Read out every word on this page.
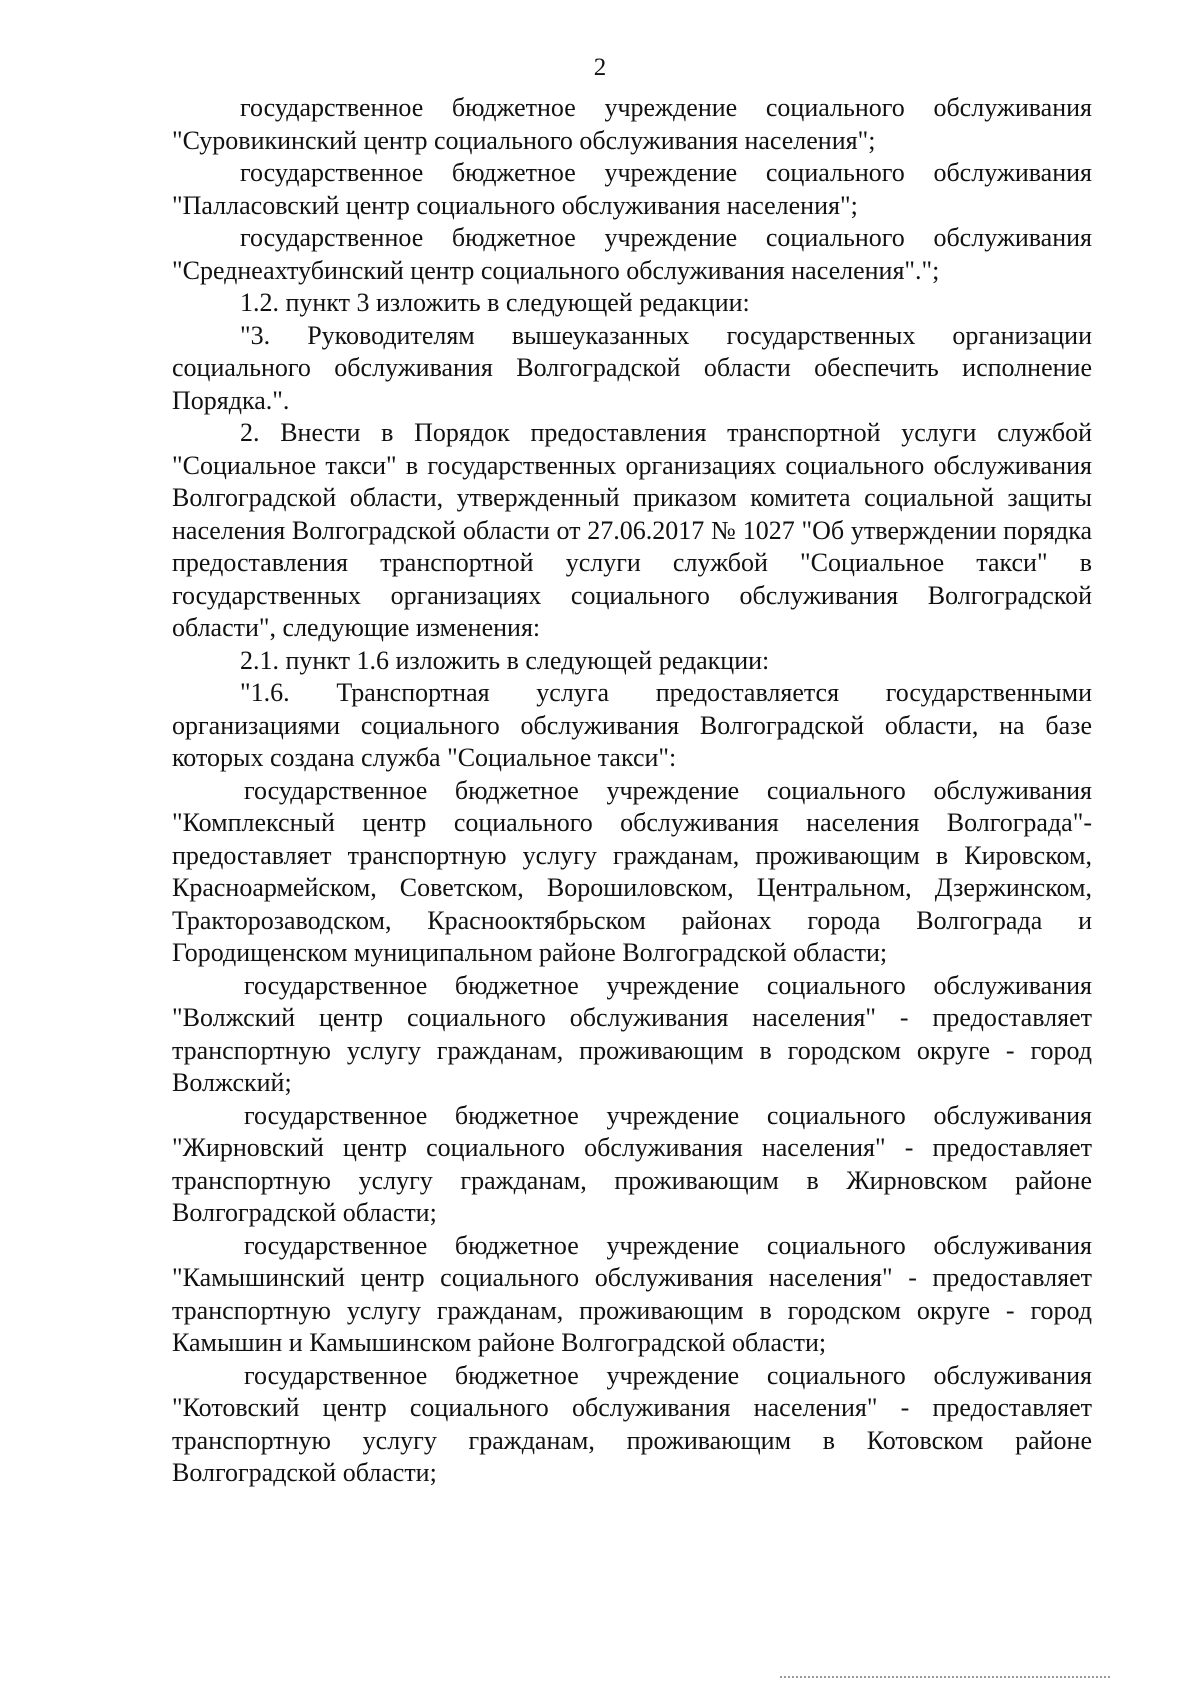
2

государственное бюджетное учреждение социального обслуживания "Суровикинский центр социального обслуживания населения";

государственное бюджетное учреждение социального обслуживания "Палласовский центр социального обслуживания населения";

государственное бюджетное учреждение социального обслуживания "Среднеахтубинский центр социального обслуживания населения".";

1.2. пункт 3 изложить в следующей редакции:

"3. Руководителям вышеуказанных государственных организации социального обслуживания Волгоградской области обеспечить исполнение Порядка.".

2. Внести в Порядок предоставления транспортной услуги службой "Социальное такси" в государственных организациях социального обслуживания Волгоградской области, утвержденный приказом комитета социальной защиты населения Волгоградской области от 27.06.2017 № 1027 "Об утверждении порядка предоставления транспортной услуги службой "Социальное такси" в государственных организациях социального обслуживания Волгоградской области", следующие изменения:

2.1. пункт 1.6 изложить в следующей редакции:

"1.6. Транспортная услуга предоставляется государственными организациями социального обслуживания Волгоградской области, на базе которых создана служба "Социальное такси":

государственное бюджетное учреждение социального обслуживания "Комплексный центр социального обслуживания населения Волгограда"- предоставляет транспортную услугу гражданам, проживающим в Кировском, Красноармейском, Советском, Ворошиловском, Центральном, Дзержинском, Тракторозаводском, Краснооктябрьском районах города Волгограда и Городищенском муниципальном районе Волгоградской области;

государственное бюджетное учреждение социального обслуживания "Волжский центр социального обслуживания населения" - предоставляет транспортную услугу гражданам, проживающим в городском округе - город Волжский;

государственное бюджетное учреждение социального обслуживания "Жирновский центр социального обслуживания населения" - предоставляет транспортную услугу гражданам, проживающим в Жирновском районе Волгоградской области;

государственное бюджетное учреждение социального обслуживания "Камышинский центр социального обслуживания населения" - предоставляет транспортную услугу гражданам, проживающим в городском округе - город Камышин и Камышинском районе Волгоградской области;

государственное бюджетное учреждение социального обслуживания "Котовский центр социального обслуживания населения" - предоставляет транспортную услугу гражданам, проживающим в Котовском районе Волгоградской области;
